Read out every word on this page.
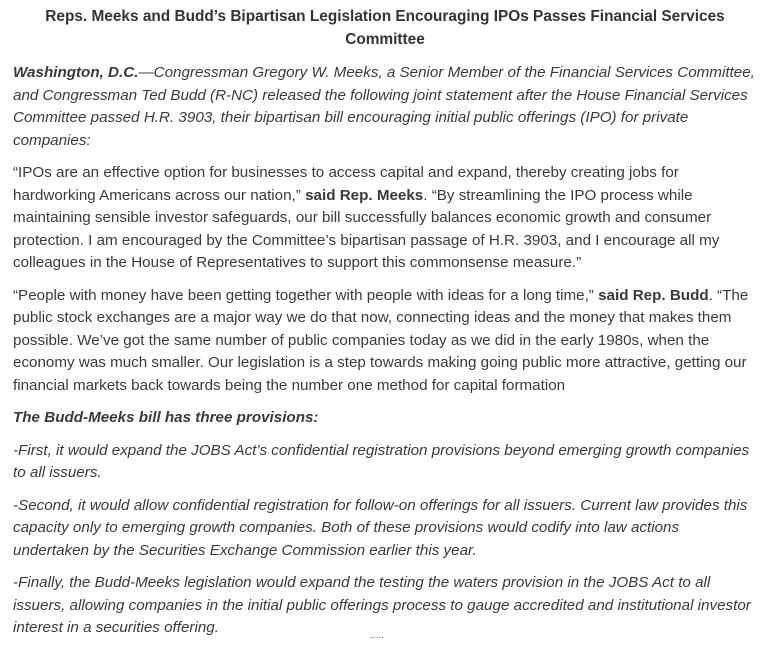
Reps. Meeks and Budd’s Bipartisan Legislation Encouraging IPOs Passes Financial Services Committee

Washington, D.C.—Congressman Gregory W. Meeks, a Senior Member of the Financial Services Committee, and Congressman Ted Budd (R-NC) released the following joint statement after the House Financial Services Committee passed H.R. 3903, their bipartisan bill encouraging initial public offerings (IPO) for private companies:

“IPOs are an effective option for businesses to access capital and expand, thereby creating jobs for hardworking Americans across our nation,” said Rep. Meeks. “By streamlining the IPO process while maintaining sensible investor safeguards, our bill successfully balances economic growth and consumer protection. I am encouraged by the Committee’s bipartisan passage of H.R. 3903, and I encourage all my colleagues in the House of Representatives to support this commonsense measure.”

“People with money have been getting together with people with ideas for a long time,” said Rep. Budd. “The public stock exchanges are a major way we do that now, connecting ideas and the money that makes them possible. We’ve got the same number of public companies today as we did in the early 1980s, when the economy was much smaller. Our legislation is a step towards making going public more attractive, getting our financial markets back towards being the number one method for capital formation

The Budd-Meeks bill has three provisions:

-First, it would expand the JOBS Act’s confidential registration provisions beyond emerging growth companies to all issuers.

-Second, it would allow confidential registration for follow-on offerings for all issuers. Current law provides this capacity only to emerging growth companies. Both of these provisions would codify into law actions undertaken by the Securities Exchange Commission earlier this year.

-Finally, the Budd-Meeks legislation would expand the testing the waters provision in the JOBS Act to all issuers, allowing companies in the initial public offerings process to gauge accredited and institutional investor interest in a securities offering.	.....
